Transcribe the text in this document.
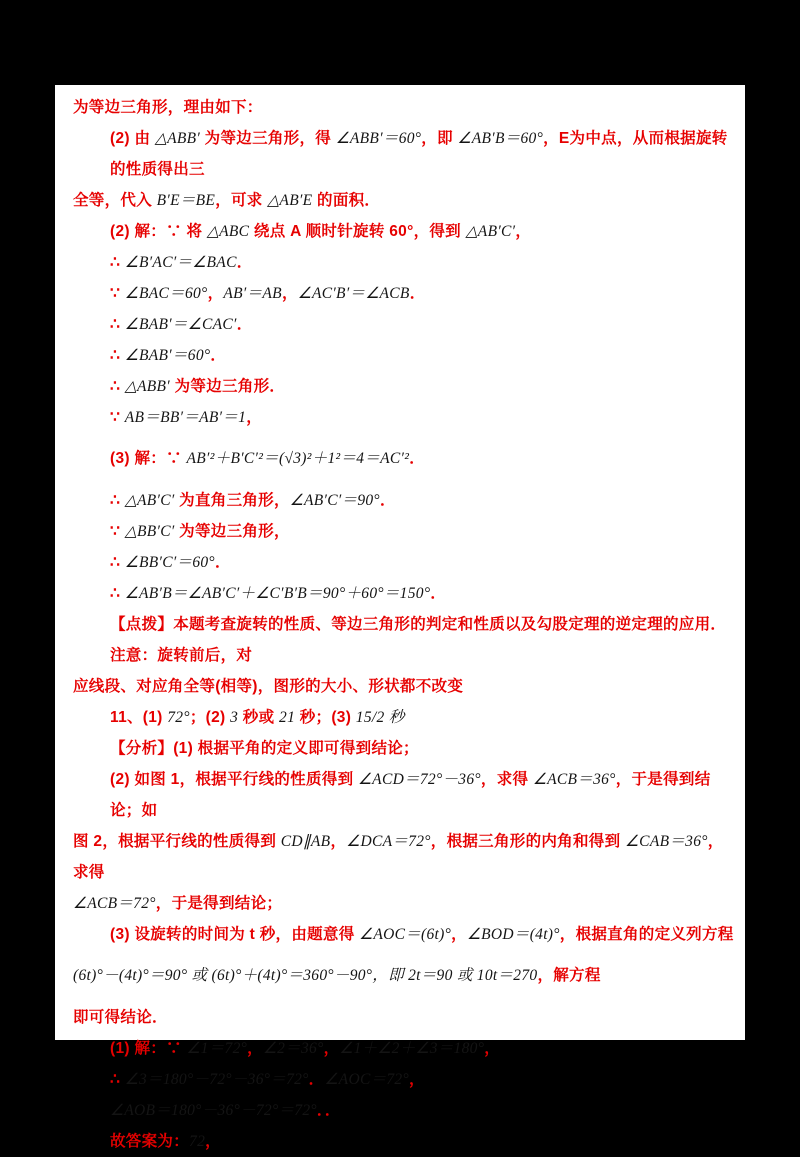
为等边三角形，理由如下：
(2) 由 △ABB′ 为等边三角形，得 ∠ABB′＝60°，即 ∠AB′B＝60°，E为中点，从而根据旋转的性质得出三
全等，代入 B′E＝BE，可求 △AB′E 的面积．
(2) 解：∵ 将 △ABC 绕点 A 顺时针旋转 60°，得到 △AB′C′，
∴ ∠B′AC′＝∠BAC．
∵ ∠BAC＝60°，AB′＝AB，∠AC′B′＝∠ACB．
∴ ∠BAB′＝∠CAC′．
∴ ∠BAB′＝60°．
∴ △ABB′ 为等边三角形．
∵ AB＝BB′＝AB′＝1，
(3) 解：∵ AB′²＋B′C′²＝(√3)²＋1²＝4＝AC′²．
∴ △AB′C′ 为直角三角形，∠AB′C′＝90°．
∵ △BB′C′ 为等边三角形，
∴ ∠BB′C′＝60°．
∴ ∠AB′B＝∠AB′C′＋∠C′B′B＝90°＋60°＝150°．
【点拨】本题考查旋转的性质、等边三角形的判定和性质以及勾股定理的逆定理的应用．注意：旋转前后，对
应线段、对应角全等(相等)，图形的大小、形状都不改变
11、(1) 72°；(2) 3 秒或 21 秒；(3) 15/2 秒
【分析】(1) 根据平角的定义即可得到结论；
(2) 如图 1，根据平行线的性质得到 ∠ACD＝72°－36°，求得 ∠ACB＝36°，于是得到结论；如
图 2，根据平行线的性质得到 CD∥AB，∠DCA＝72°，根据三角形的内角和得到 ∠CAB＝36°，求得
∠ACB＝72°，于是得到结论；
(3) 设旋转的时间为 t 秒，由题意得 ∠AOC＝(6t)°，∠BOD＝(4t)°，根据直角的定义列方程
(6t)°－(4t)°＝90° 或 (6t)°＋(4t)°＝360°－90°，即 2t＝90 或 10t＝270，解方程
即可得结论．
(1) 解：∵ ∠1＝72°，∠2＝36°，∠1＋∠2＋∠3＝180°，
∴ ∠3＝180°－72°－36°＝72°．∠AOC＝72°，
∠AOB＝180°－36°－72°＝72°．．
故答案为：72，
